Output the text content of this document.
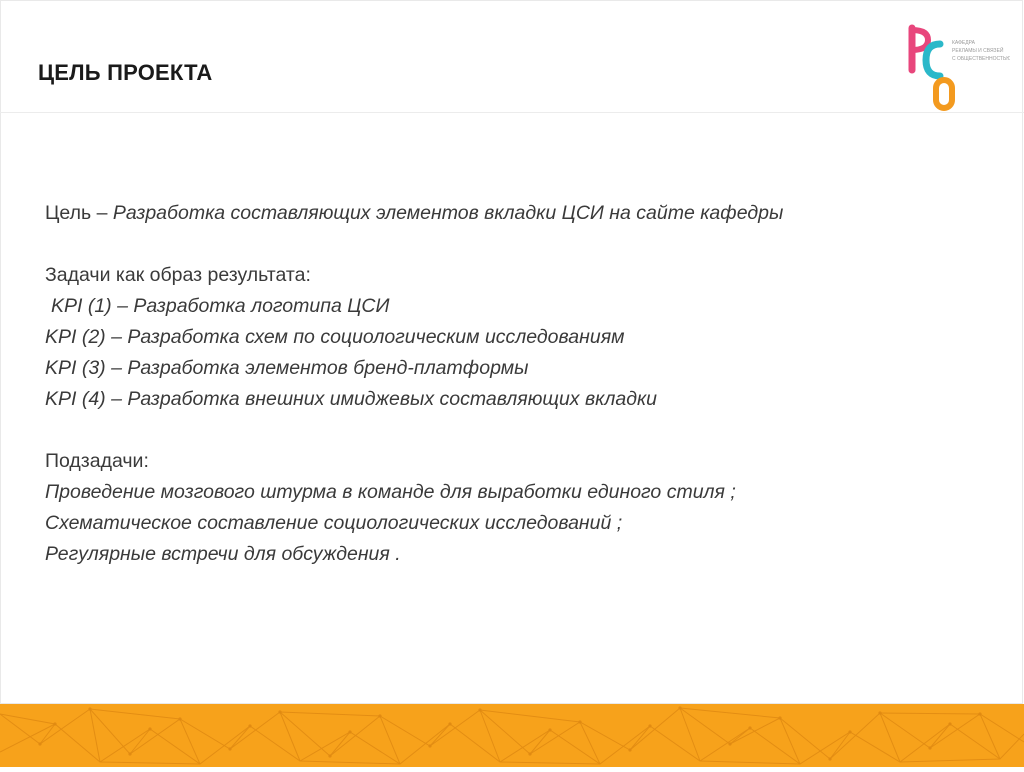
ЦЕЛЬ ПРОЕКТА
КАФЕДРА
РЕКЛАМЫ И СВЯЗЕЙ
С ОБЩЕСТВЕННОСТЬЮ
Цель – Разработка составляющих элементов вкладки ЦСИ на сайте кафедры
Задачи как образ результата:
KPI (1) – Разработка логотипа ЦСИ
KPI (2) – Разработка схем по социологическим исследованиям
KPI (3) – Разработка элементов бренд-платформы
KPI (4) – Разработка внешних имиджевых составляющих вкладки
Подзадачи:
Проведение мозгового штурма в команде для выработки единого стиля ;
Схематическое составление социологических исследований ;
Регулярные встречи для обсуждения .
